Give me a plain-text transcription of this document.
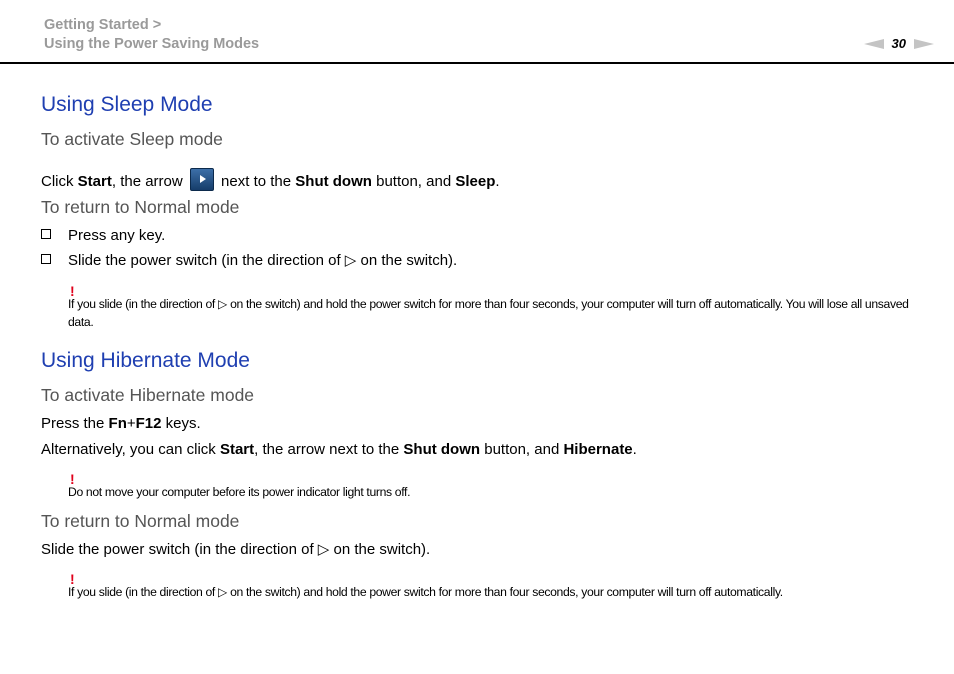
Getting Started >
Using the Power Saving Modes	30
Using Sleep Mode
To activate Sleep mode
Click Start, the arrow  next to the Shut down button, and Sleep.
To return to Normal mode
Press any key.
Slide the power switch (in the direction of ▷ on the switch).
!
If you slide (in the direction of ▷ on the switch) and hold the power switch for more than four seconds, your computer will turn off automatically. You will lose all unsaved data.
Using Hibernate Mode
To activate Hibernate mode
Press the Fn+F12 keys.
Alternatively, you can click Start, the arrow next to the Shut down button, and Hibernate.
!
Do not move your computer before its power indicator light turns off.
To return to Normal mode
Slide the power switch (in the direction of ▷ on the switch).
!
If you slide (in the direction of ▷ on the switch) and hold the power switch for more than four seconds, your computer will turn off automatically.
